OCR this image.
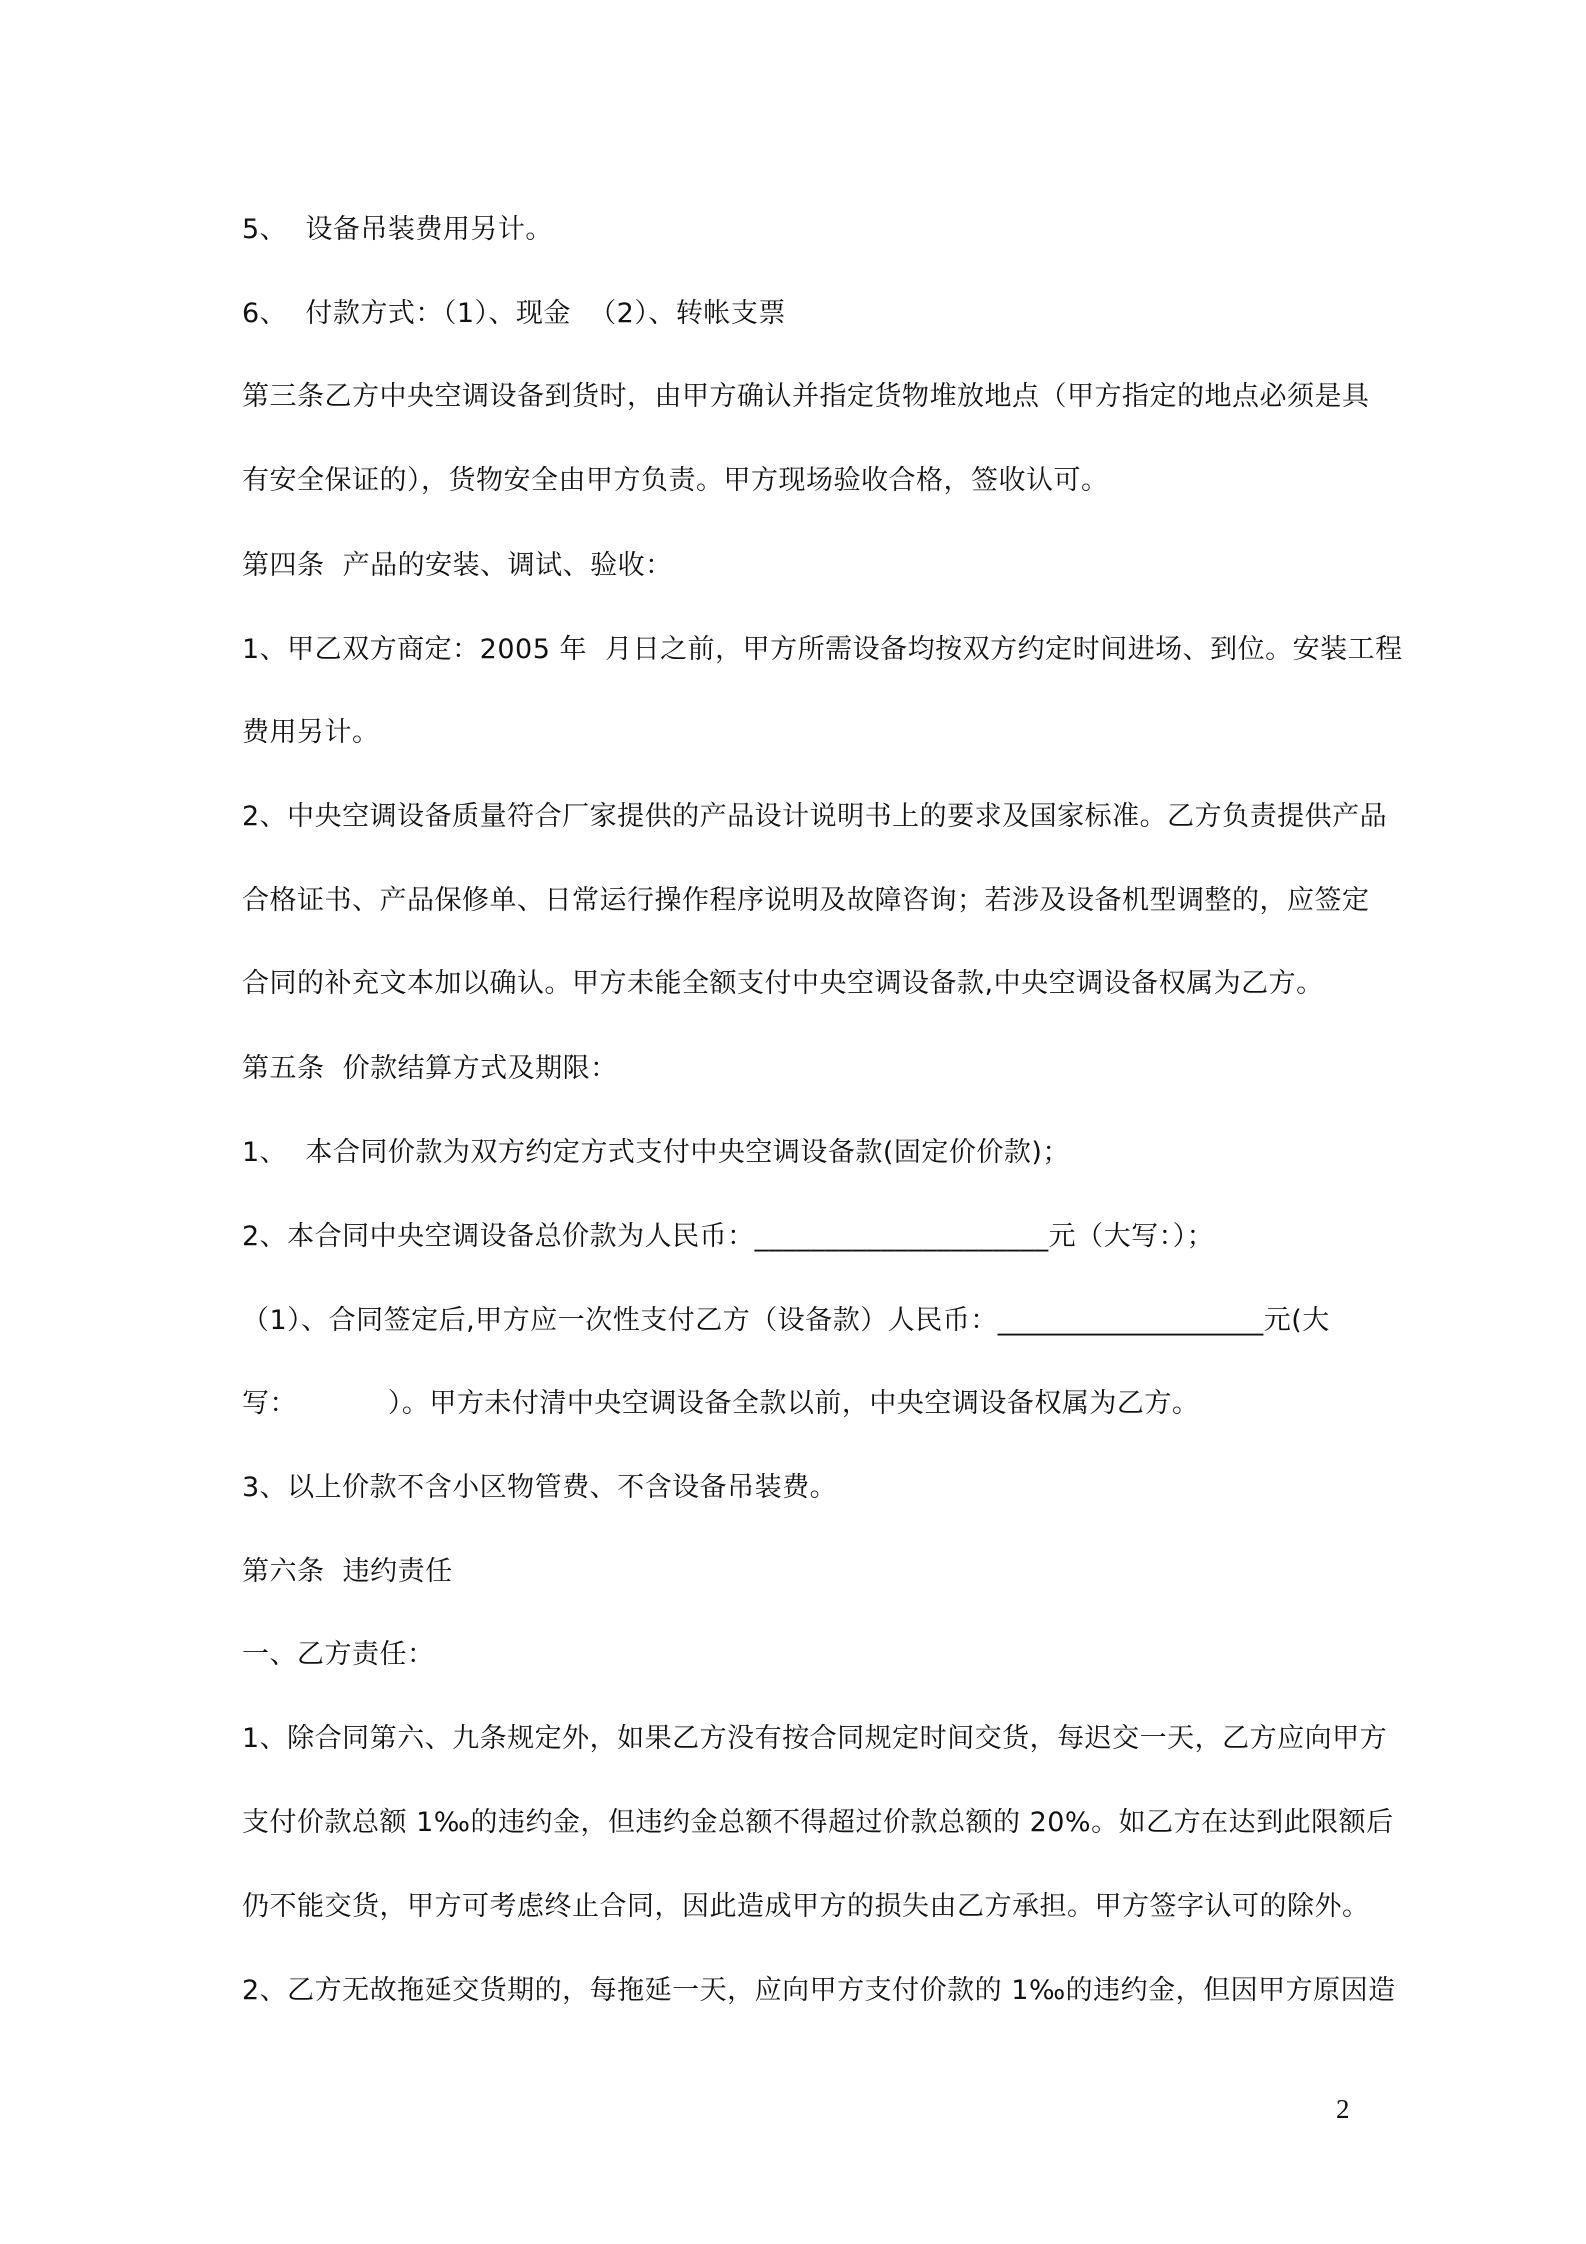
5、  设备吊装费用另计。
6、  付款方式：（1）、现金  （2）、转帐支票
第三条乙方中央空调设备到货时，由甲方确认并指定货物堆放地点（甲方指定的地点必须是具
有安全保证的），货物安全由甲方负责。甲方现场验收合格，签收认可。
第四条  产品的安装、调试、验收：
1、甲乙双方商定：2005 年  月日之前，甲方所需设备均按双方约定时间进场、到位。安装工程
费用另计。
2、中央空调设备质量符合厂家提供的产品设计说明书上的要求及国家标准。乙方负责提供产品
合格证书、产品保修单、日常运行操作程序说明及故障咨询；若涉及设备机型调整的，应签定
合同的补充文本加以确认。甲方未能全额支付中央空调设备款,中央空调设备权属为乙方。
第五条  价款结算方式及期限：
1、  本合同价款为双方约定方式支付中央空调设备款(固定价价款)；
2、本合同中央空调设备总价款为人民币：_____________________元（大写：）；
（1）、合同签定后,甲方应一次性支付乙方（设备款）人民币：___________________元(大
写：          ）。甲方未付清中央空调设备全款以前，中央空调设备权属为乙方。
3、以上价款不含小区物管费、不含设备吊装费。
第六条  违约责任
一、乙方责任：
1、除合同第六、九条规定外，如果乙方没有按合同规定时间交货，每迟交一天，乙方应向甲方
支付价款总额 1‰的违约金，但违约金总额不得超过价款总额的 20%。如乙方在达到此限额后
仍不能交货，甲方可考虑终止合同，因此造成甲方的损失由乙方承担。甲方签字认可的除外。
2、乙方无故拖延交货期的，每拖延一天，应向甲方支付价款的 1‰的违约金，但因甲方原因造
2
